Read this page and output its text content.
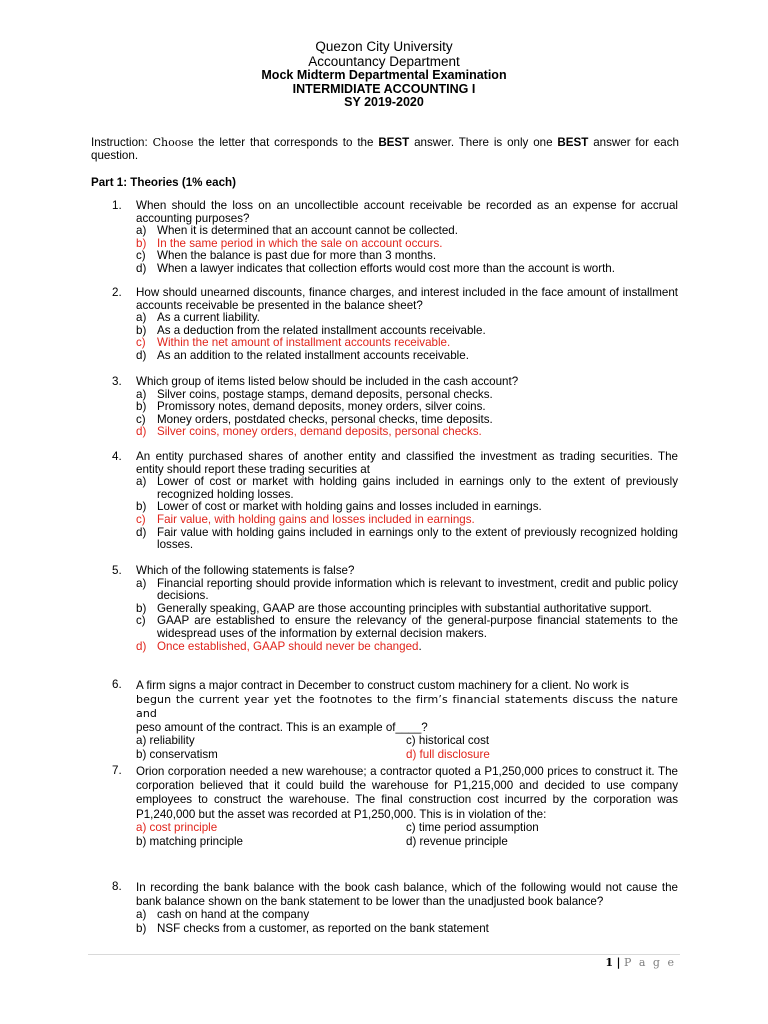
Quezon City University
Accountancy Department
Mock Midterm Departmental Examination
INTERMIDIATE ACCOUNTING I
SY 2019-2020
Instruction: Choose the letter that corresponds to the BEST answer. There is only one BEST answer for each question.
Part 1: Theories (1% each)
1. When should the loss on an uncollectible account receivable be recorded as an expense for accrual accounting purposes?
a) When it is determined that an account cannot be collected.
b) In the same period in which the sale on account occurs.
c) When the balance is past due for more than 3 months.
d) When a lawyer indicates that collection efforts would cost more than the account is worth.
2. How should unearned discounts, finance charges, and interest included in the face amount of installment accounts receivable be presented in the balance sheet?
a) As a current liability.
b) As a deduction from the related installment accounts receivable.
c) Within the net amount of installment accounts receivable.
d) As an addition to the related installment accounts receivable.
3. Which group of items listed below should be included in the cash account?
a) Silver coins, postage stamps, demand deposits, personal checks.
b) Promissory notes, demand deposits, money orders, silver coins.
c) Money orders, postdated checks, personal checks, time deposits.
d) Silver coins, money orders, demand deposits, personal checks.
4. An entity purchased shares of another entity and classified the investment as trading securities. The entity should report these trading securities at
a) Lower of cost or market with holding gains included in earnings only to the extent of previously recognized holding losses.
b) Lower of cost or market with holding gains and losses included in earnings.
c) Fair value, with holding gains and losses included in earnings.
d) Fair value with holding gains included in earnings only to the extent of previously recognized holding losses.
5. Which of the following statements is false?
a) Financial reporting should provide information which is relevant to investment, credit and public policy decisions.
b) Generally speaking, GAAP are those accounting principles with substantial authoritative support.
c) GAAP are established to ensure the relevancy of the general-purpose financial statements to the widespread uses of the information by external decision makers.
d) Once established, GAAP should never be changed.
6. A firm signs a major contract in December to construct custom machinery for a client. No work is
begun the current year yet the footnotes to the firm’s financial statements discuss the nature and
peso amount of the contract. This is an example of____?
a) reliability	c) historical cost
b) conservatism	d) full disclosure
7. Orion corporation needed a new warehouse; a contractor quoted a P1,250,000 prices to construct it. The corporation believed that it could build the warehouse for P1,215,000 and decided to use company employees to construct the warehouse. The final construction cost incurred by the corporation was P1,240,000 but the asset was recorded at P1,250,000. This is in violation of the:
a) cost principle	c) time period assumption
b) matching principle	d) revenue principle
8. In recording the bank balance with the book cash balance, which of the following would not cause the bank balance shown on the bank statement to be lower than the unadjusted book balance?
a) cash on hand at the company
b) NSF checks from a customer, as reported on the bank statement
1 | P a g e
